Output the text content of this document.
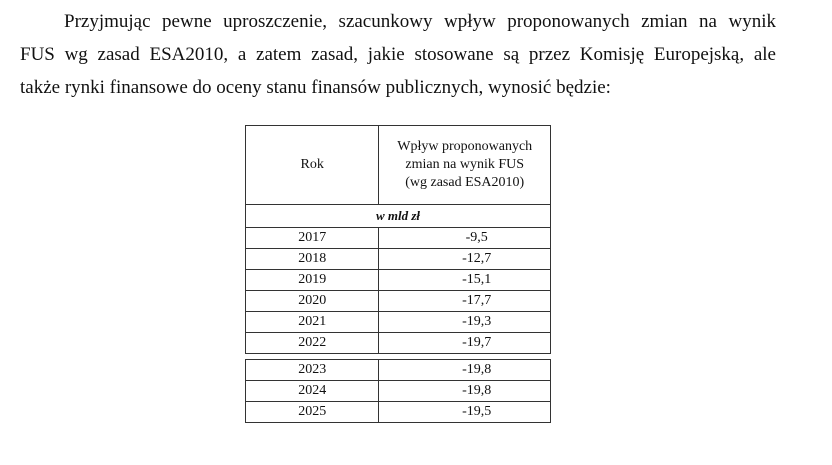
Przyjmując pewne uproszczenie, szacunkowy wpływ proponowanych zmian na wynik
FUS wg zasad ESA2010, a zatem zasad, jakie stosowane są przez Komisję Europejską, ale
także rynki finansowe do oceny stanu finansów publicznych, wynosić będzie:

Rok	Wpływ proponowanych zmian na wynik FUS (wg zasad ESA2010)
w mld zł	
2017	-9,5
2018	-12,7
2019	-15,1
2020	-17,7
2021	-19,3
2022	-19,7

2023	-19,8
2024	-19,8
2025	-19,5
